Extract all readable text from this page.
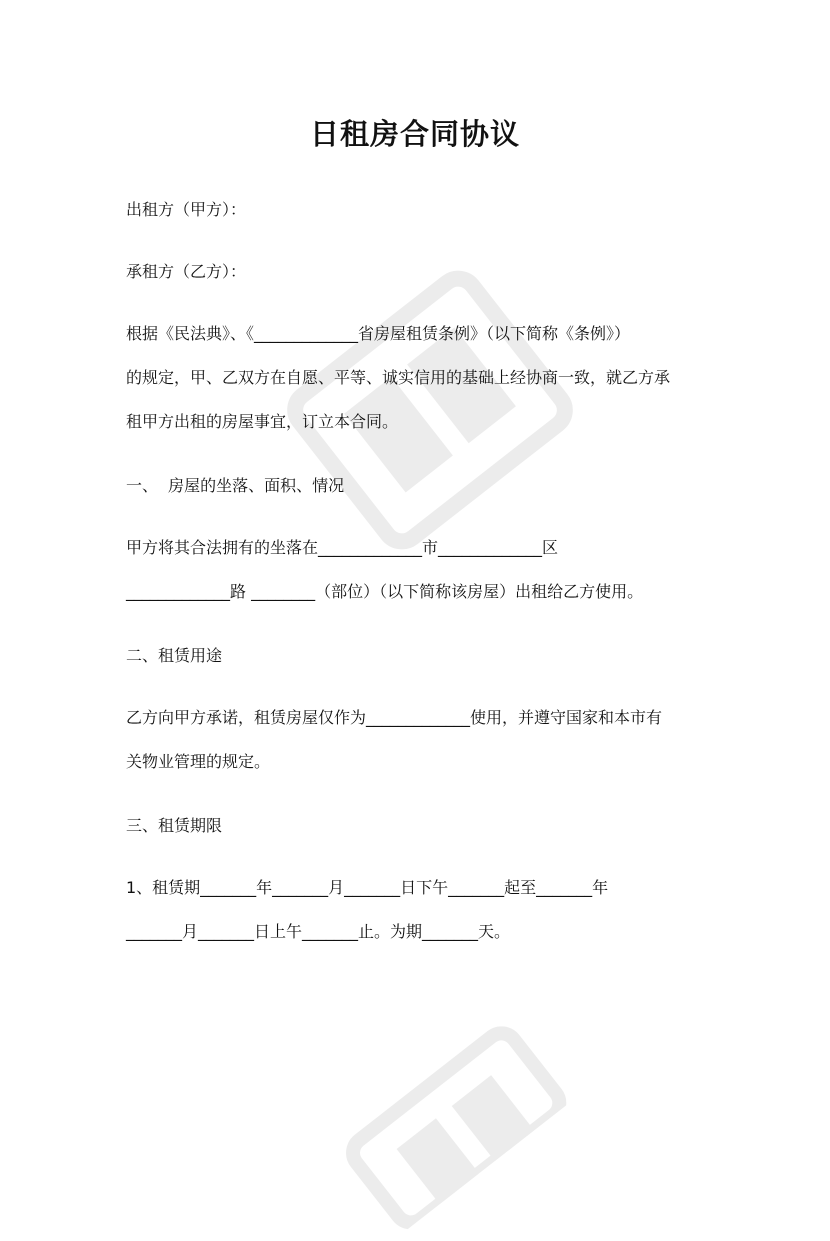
日租房合同协议

出租方（甲方）：

承租方（乙方）：

根据《民法典》、《_____________省房屋租赁条例》（以下简称《条例》）

的规定，甲、乙双方在自愿、平等、诚实信用的基础上经协商一致，就乙方承

租甲方出租的房屋事宜，订立本合同。

一、  房屋的坐落、面积、情况

甲方将其合法拥有的坐落在_____________市_____________区

_____________路 ________（部位）（以下简称该房屋）出租给乙方使用。

二、租赁用途

乙方向甲方承诺，租赁房屋仅作为_____________使用，并遵守国家和本市有

关物业管理的规定。

三、租赁期限

1、租赁期_______年_______月_______日下午_______起至_______年

_______月_______日上午_______止。为期_______天。
